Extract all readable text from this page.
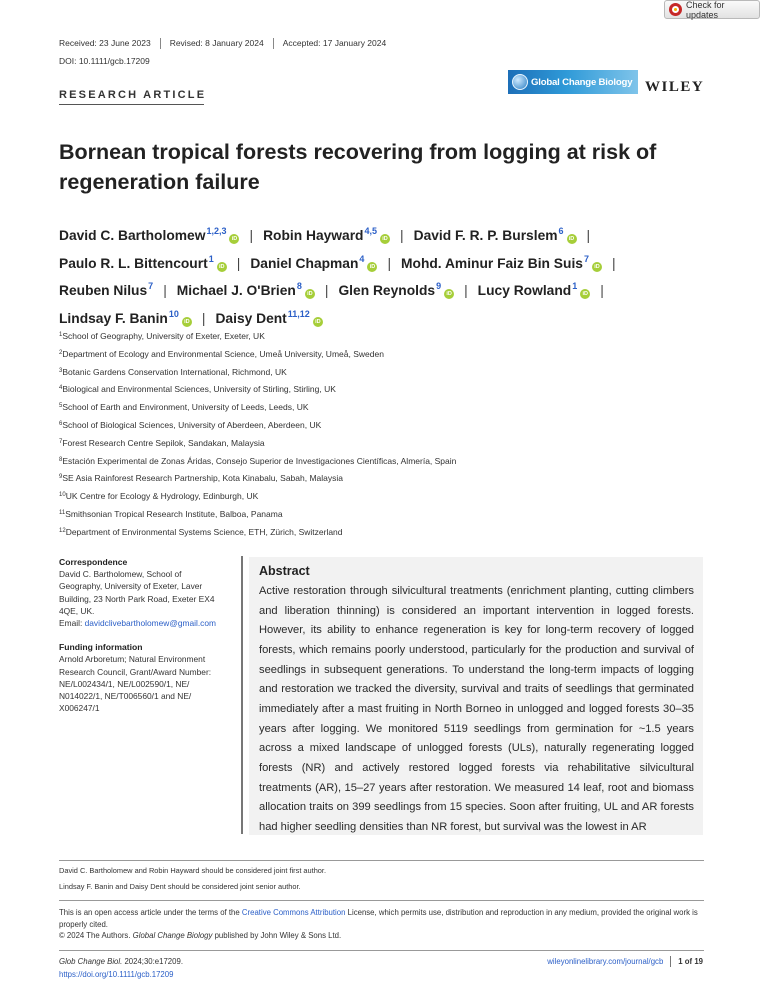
Check for updates
Received: 23 June 2023	Revised: 8 January 2024	Accepted: 17 January 2024
DOI: 10.1111/gcb.17209
RESEARCH ARTICLE
Global Change Biology WILEY
Bornean tropical forests recovering from logging at risk of regeneration failure
David C. Bartholomew$^{1,2,3}$iD | Robin Hayward$^{4,5}$iD | David F. R. P. Burslem$^6$iD |
Paulo R. L. Bittencourt$^1$iD | Daniel Chapman$^4$iD | Mohd. Aminur Faiz Bin Suis$^7$iD |
Reuben Nilus$^7$ | Michael J. O'Brien$^8$iD | Glen Reynolds$^9$iD | Lucy Rowland$^1$iD |
Lindsay F. Banin$^{10}$iD | Daisy Dent$^{11,12}$iD
$^1$School of Geography, University of Exeter, Exeter, UK
$^2$Department of Ecology and Environmental Science, Umeå University, Umeå, Sweden
$^3$Botanic Gardens Conservation International, Richmond, UK
$^4$Biological and Environmental Sciences, University of Stirling, Stirling, UK
$^5$School of Earth and Environment, University of Leeds, Leeds, UK
$^6$School of Biological Sciences, University of Aberdeen, Aberdeen, UK
$^7$Forest Research Centre Sepilok, Sandakan, Malaysia
$^8$Estación Experimental de Zonas Áridas, Consejo Superior de Investigaciones Científicas, Almería, Spain
$^9$SE Asia Rainforest Research Partnership, Kota Kinabalu, Sabah, Malaysia
$^{10}$UK Centre for Ecology & Hydrology, Edinburgh, UK
$^{11}$Smithsonian Tropical Research Institute, Balboa, Panama
$^{12}$Department of Environmental Systems Science, ETH, Zürich, Switzerland
Correspondence
David C. Bartholomew, School of
Geography, University of Exeter, Laver
Building, 23 North Park Road, Exeter EX4
4QE, UK.
Email: davidclivebartholomew@gmail.com
Funding information
Arnold Arboretum; Natural Environment
Research Council, Grant/Award Number:
NE/L002434/1, NE/L002590/1, NE/
N014022/1, NE/T006560/1 and NE/
X006247/1
Abstract

Active restoration through silvicultural treatments (enrichment planting, cutting climbers and liberation thinning) is considered an important intervention in logged forests. However, its ability to enhance regeneration is key for long-term recovery of logged forests, which remains poorly understood, particularly for the production and survival of seedlings in subsequent generations. To understand the long-term impacts of logging and restoration we tracked the diversity, survival and traits of seedlings that germinated immediately after a mast fruiting in North Borneo in unlogged and logged forests 30–35 years after logging. We monitored 5119 seedlings from germination for ~1.5 years across a mixed landscape of unlogged forests (ULs), naturally regenerating logged forests (NR) and actively restored logged forests via rehabilitative silvicultural treatments (AR), 15–27 years after restoration. We measured 14 leaf, root and biomass allocation traits on 399 seedlings from 15 species. Soon after fruiting, UL and AR forests had higher seedling densities than NR forest, but survival was the lowest in AR

David C. Bartholomew and Robin Hayward should be considered joint first author.
Lindsay F. Banin and Daisy Dent should be considered joint senior author.
This is an open access article under the terms of the Creative Commons Attribution License, which permits use, distribution and reproduction in any medium, provided the original work is properly cited.
© 2024 The Authors. Global Change Biology published by John Wiley & Sons Ltd.
Glob Change Biol. 2024;30:e17209.
https://doi.org/10.1111/gcb.17209
wileyonlinelibrary.com/journal/gcb	1 of 19
